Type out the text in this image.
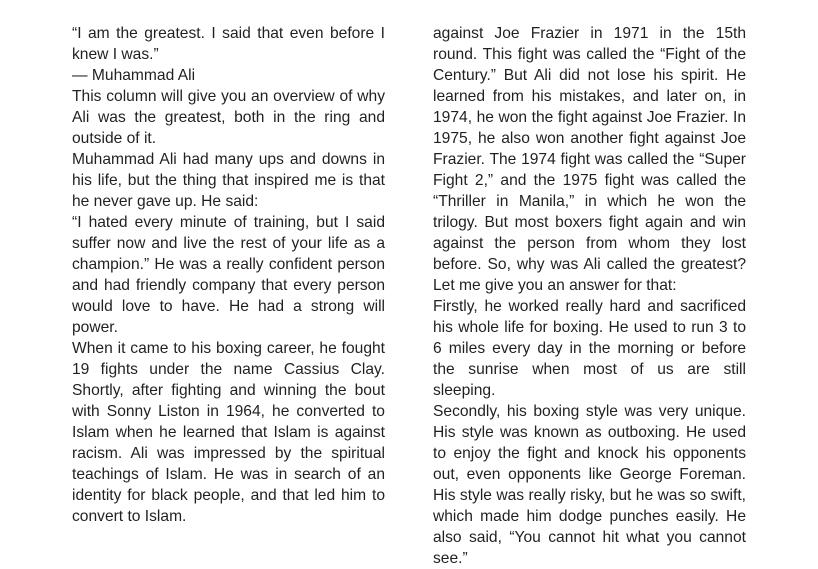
“I am the greatest. I said that even before I knew I was.”

— Muhammad Ali

This column will give you an overview of why Ali was the greatest, both in the ring and outside of it.

Muhammad Ali had many ups and downs in his life, but the thing that inspired me is that he never gave up. He said:

“I hated every minute of training, but I said suffer now and live the rest of your life as a champion.” He was a really confident person and had friendly company that every person would love to have. He had a strong will power.

When it came to his boxing career, he fought 19 fights under the name Cassius Clay. Shortly, after fighting and winning the bout with Sonny Liston in 1964, he converted to Islam when he learned that Islam is against racism. Ali was impressed by the spiritual teachings of Islam. He was in search of an identity for black people, and that led him to convert to Islam.

against Joe Frazier in 1971 in the 15th round. This fight was called the “Fight of the Century.” But Ali did not lose his spirit. He learned from his mistakes, and later on, in 1974, he won the fight against Joe Frazier. In 1975, he also won another fight against Joe Frazier. The 1974 fight was called the “Super Fight 2,” and the 1975 fight was called the “Thriller in Manila,” in which he won the trilogy. But most boxers fight again and win against the person from whom they lost before. So, why was Ali called the greatest? Let me give you an answer for that:

Firstly, he worked really hard and sacrificed his whole life for boxing. He used to run 3 to 6 miles every day in the morning or before the sunrise when most of us are still sleeping.

Secondly, his boxing style was very unique. His style was known as outboxing. He used to enjoy the fight and knock his opponents out, even opponents like George Foreman. His style was really risky, but he was so swift, which made him dodge punches easily. He also said, “You cannot hit what you cannot see.”
